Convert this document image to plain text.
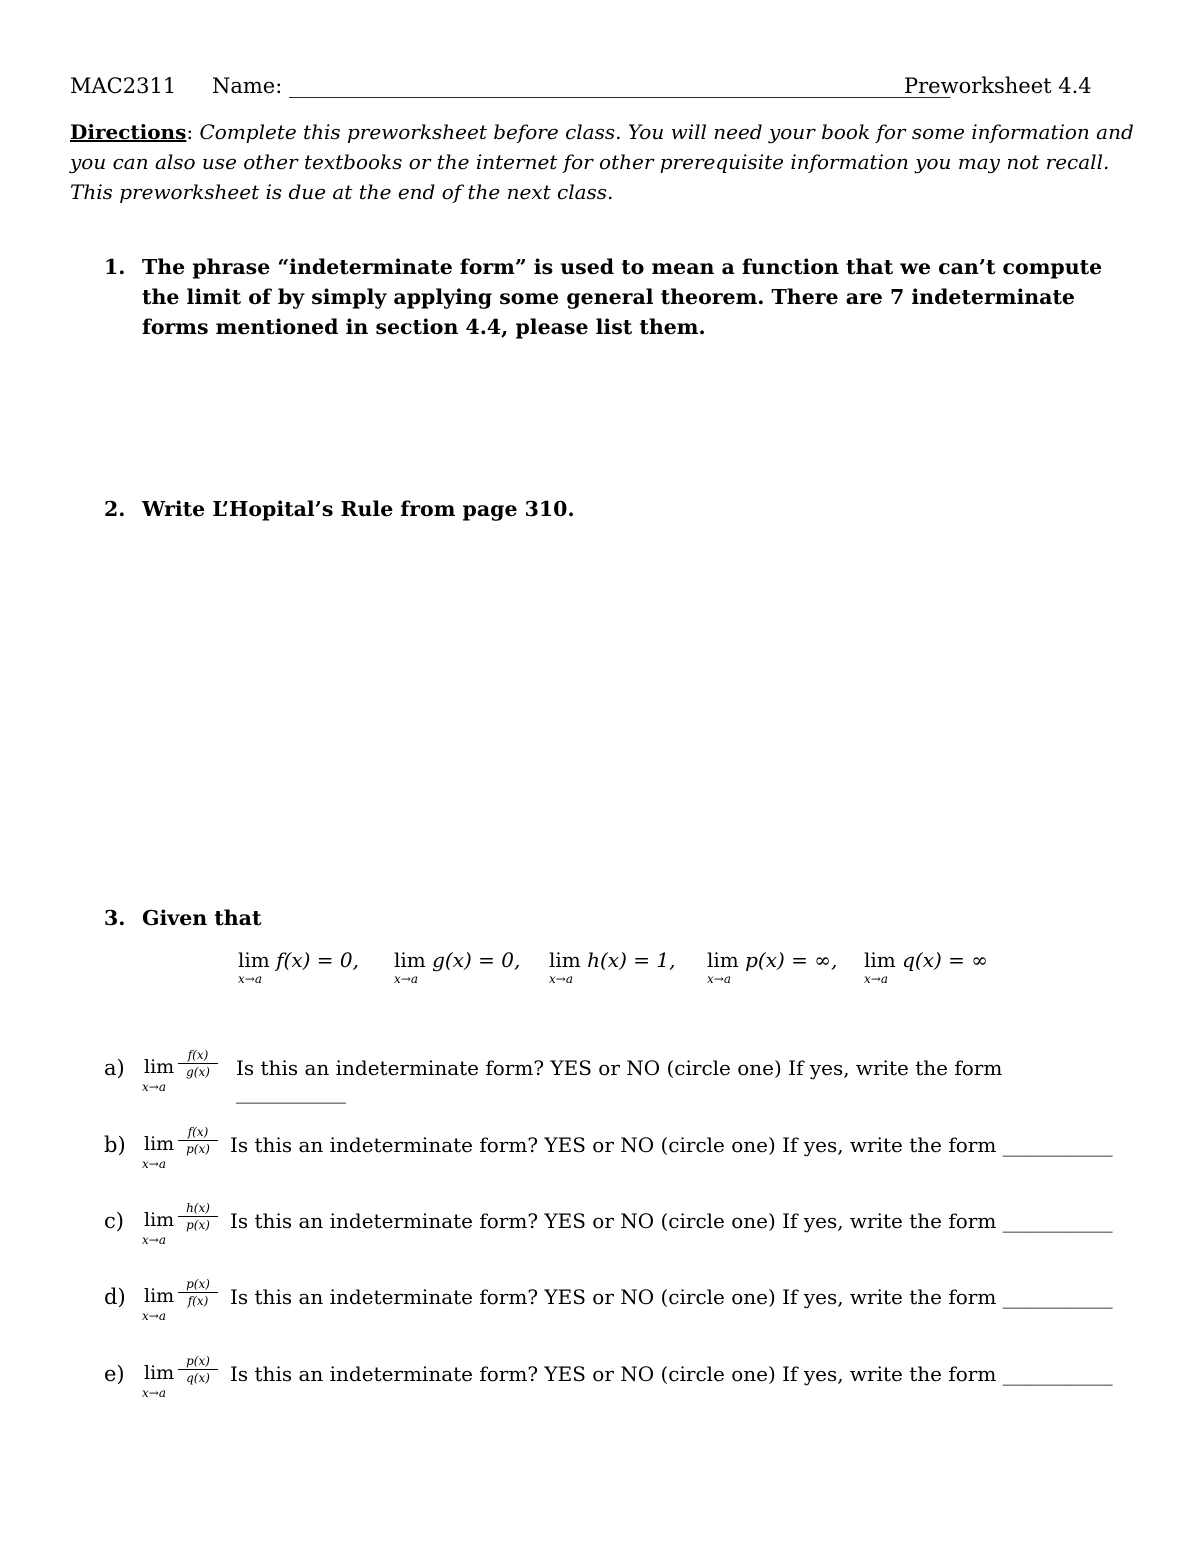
MAC2311 Name: _______________________________________________________________
Preworksheet 4.4
Directions: Complete this preworksheet before class. You will need your book for some information and you can also use other textbooks or the internet for other prerequisite information you may not recall. This preworksheet is due at the end of the next class.
1. The phrase “indeterminate form” is used to mean a function that we can’t compute the limit of by simply applying some general theorem. There are 7 indeterminate forms mentioned in section 4.4, please list them.
2. Write L’Hopital’s Rule from page 310.
3. Given that
lim f(x) = 0,
x→a
lim g(x) = 0,
x→a
lim h(x) = 1,
x→a
lim p(x) = ∞,
x→a
lim q(x) = ∞
x→a
a) lim
x→a
$\frac{f(x)}{g(x)}$ Is this an indeterminate form? YES or NO (circle one) If yes, write the form ___________
b) lim
x→a
$\frac{f(x)}{p(x)}$ Is this an indeterminate form? YES or NO (circle one) If yes, write the form ___________
c) lim
x→a
$\frac{h(x)}{p(x)}$ Is this an indeterminate form? YES or NO (circle one) If yes, write the form ___________
d) lim
x→a
$\frac{p(x)}{f(x)}$ Is this an indeterminate form? YES or NO (circle one) If yes, write the form ___________
e) lim
x→a
$\frac{p(x)}{q(x)}$ Is this an indeterminate form? YES or NO (circle one) If yes, write the form ___________
